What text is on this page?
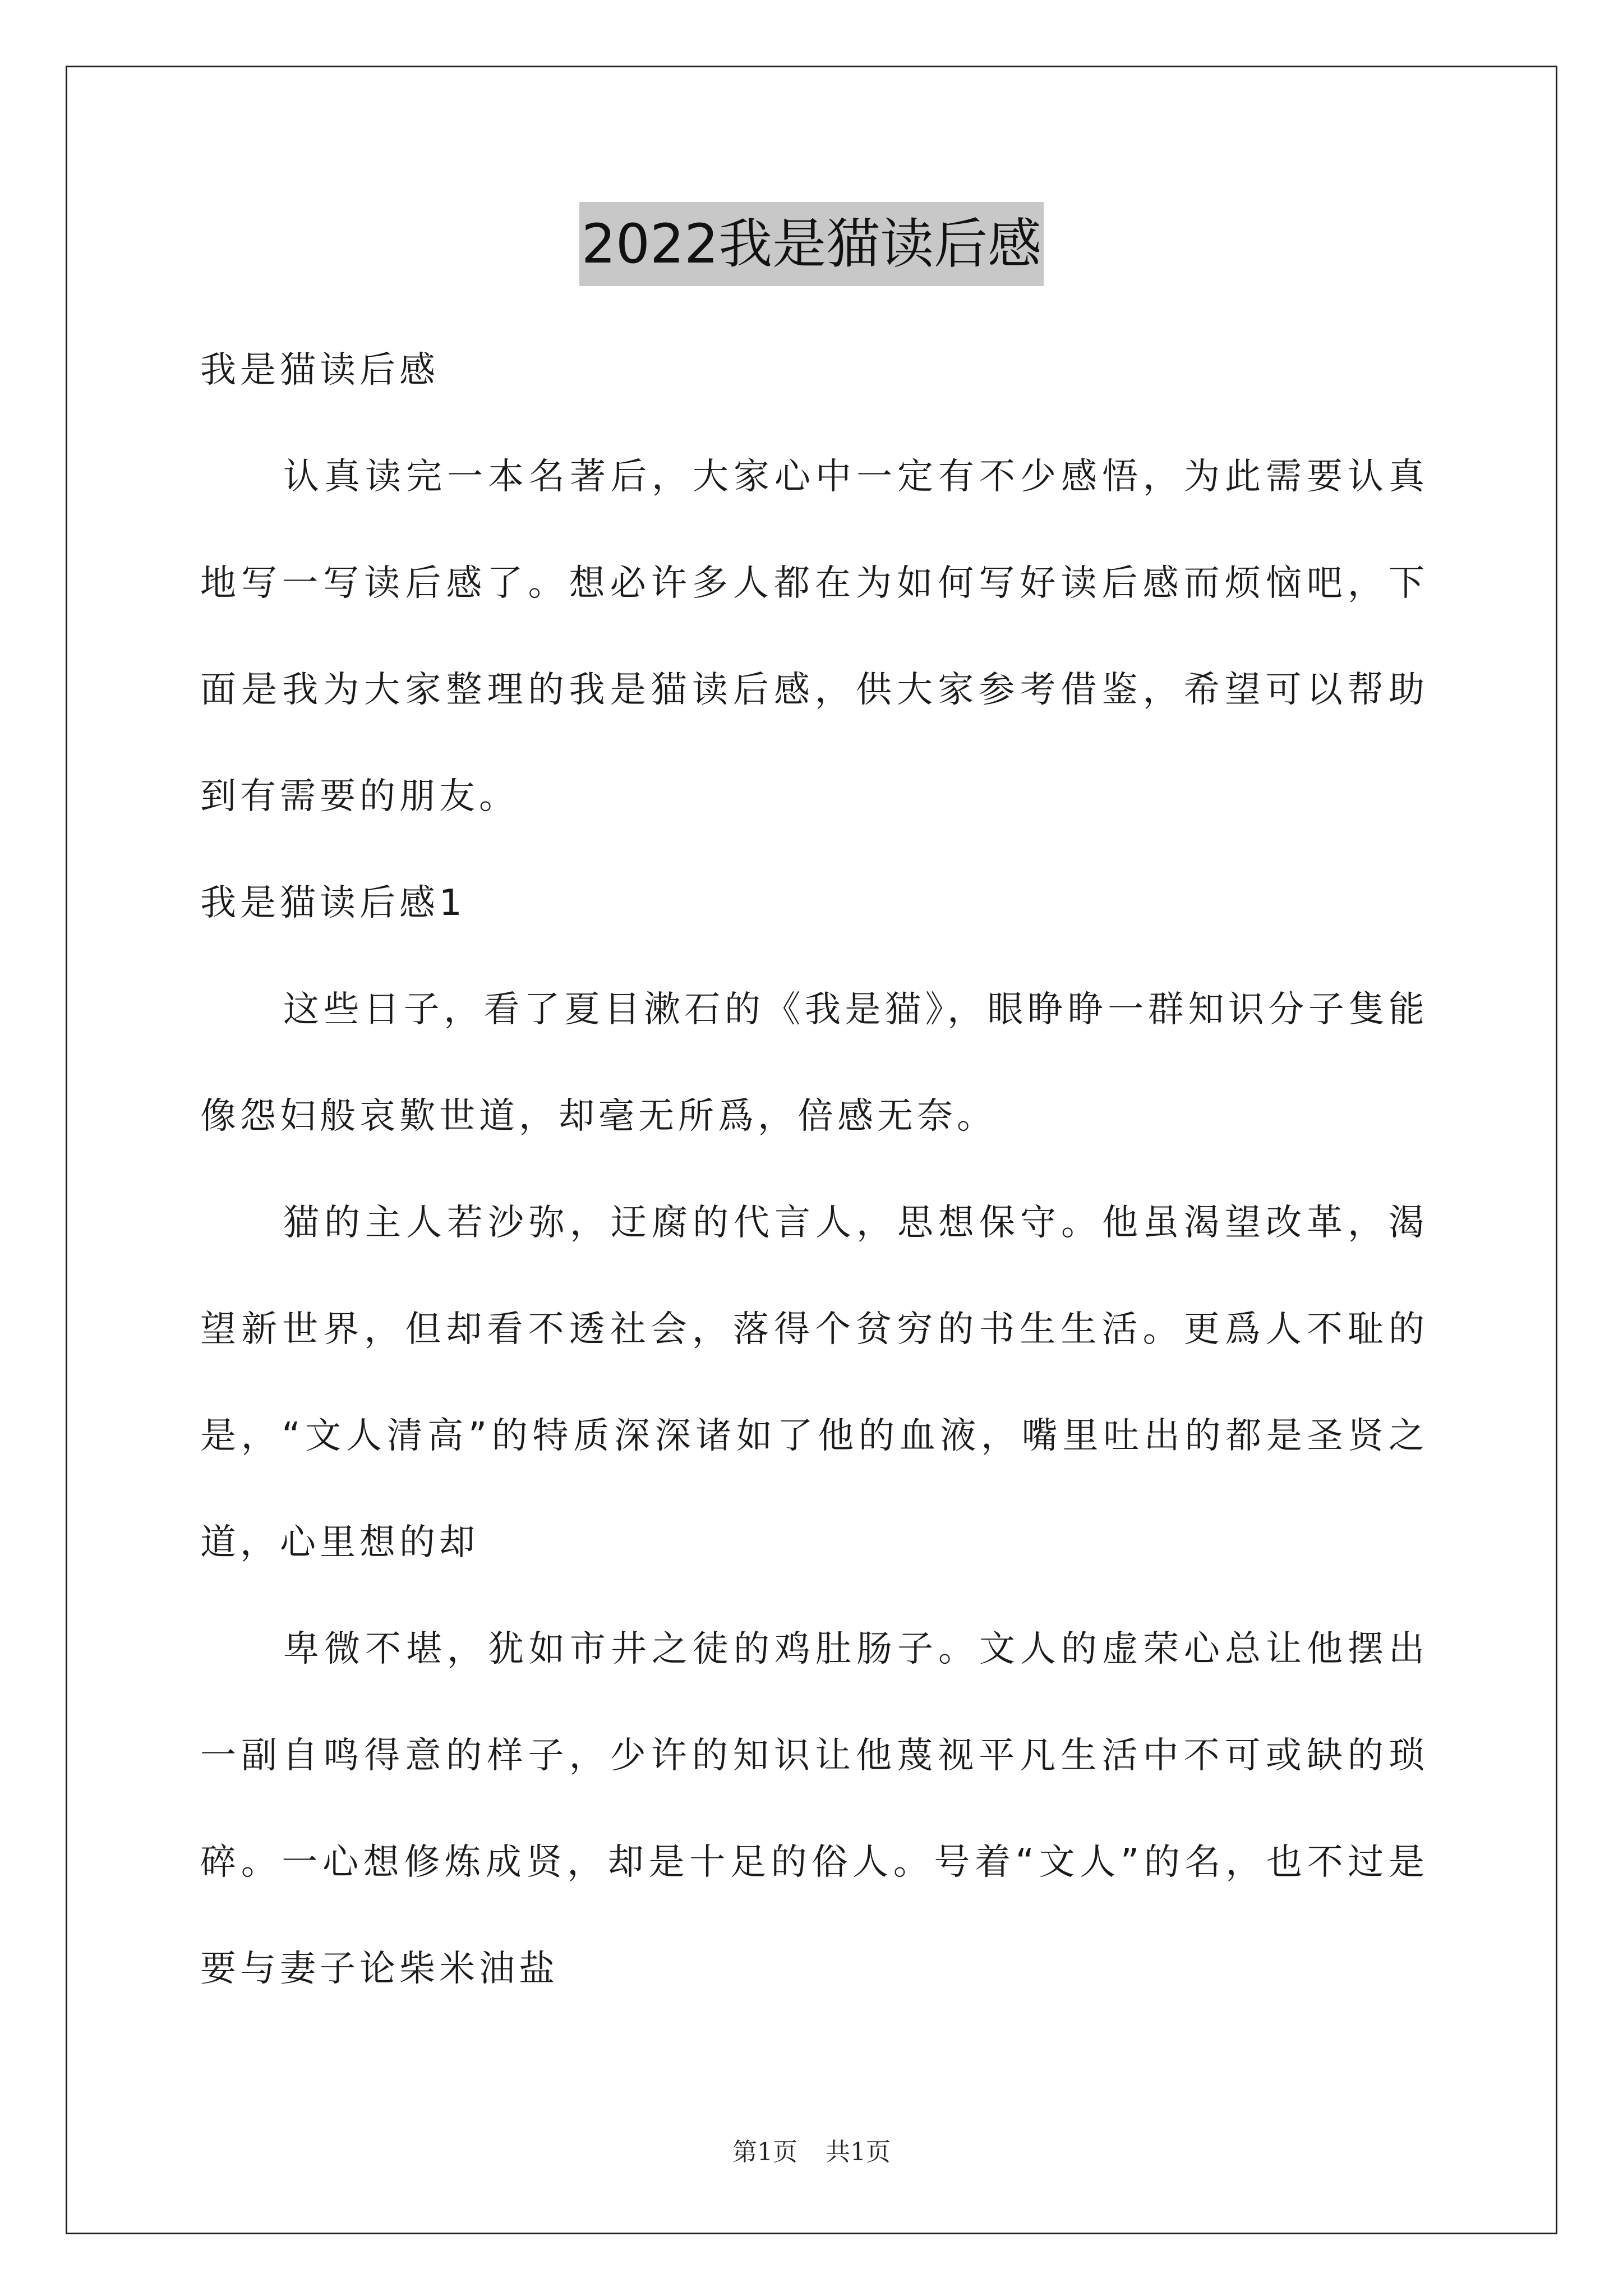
2022我是猫读后感

我是猫读后感

认真读完一本名著后，大家心中一定有不少感悟，为此需要认真地写一写读后感了。想必许多人都在为如何写好读后感而烦恼吧，下面是我为大家整理的我是猫读后感，供大家参考借鉴，希望可以帮助到有需要的朋友。

我是猫读后感1

这些日子，看了夏目漱石的《我是猫》，眼睁睁一群知识分子隻能像怨妇般哀歎世道，却毫无所爲，倍感无奈。

猫的主人若沙弥，迂腐的代言人，思想保守。他虽渴望改革，渴望新世界，但却看不透社会，落得个贫穷的书生生活。更爲人不耻的是，“文人清高”的特质深深诸如了他的血液，嘴里吐出的都是圣贤之道，心里想的却

卑微不堪，犹如市井之徒的鸡肚肠子。文人的虚荣心总让他摆出一副自鸣得意的样子，少许的知识让他蔑视平凡生活中不可或缺的琐碎。一心想修炼成贤，却是十足的俗人。号着“文人”的名，也不过是要与妻子论柴米油盐

第1页 共1页
